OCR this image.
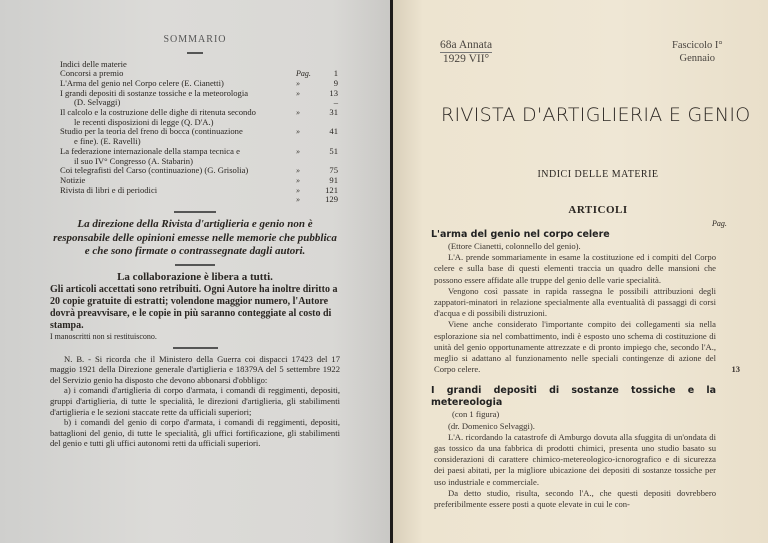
SOMMARIO
Indici delle materie
Concorsi a premio	Pag.	1
L'Arma del genio nel Corpo celere (E. Cianetti)	»	9
I grandi depositi di sostanze tossiche e la meteorologia	»	13
(D. Selvaggi)	–
Il calcolo e la costruzione delle dighe di ritenuta secondo	»	31
le recenti disposizioni di legge (Q. D'A.)
Studio per la teoria del freno di bocca (continuazione	»	41
e fine). (E. Ravelli)
La federazione internazionale della stampa tecnica e	»	51
il suo IV° Congresso (A. Stabarin)
Coi telegrafisti del Carso (continuazione) (G. Grisolia)	»	75
Notizie	»	91
Rivista di libri e di periodici	»	121
»	129
La direzione della Rivista d'artiglieria e genio non è responsabile delle opinioni emesse nelle memorie che pubblica e che sono firmate o contrassegnate dagli autori.
La collaborazione è libera a tutti.
Gli articoli accettati sono retribuiti. Ogni Autore ha inoltre diritto a 20 copie gratuite di estratti; volendone maggior numero, l'Autore dovrà preavvisare, e le copie in più saranno conteggiate al costo di stampa.
I manoscritti non si restituiscono.

N. B. - Si ricorda che il Ministero della Guerra coi dispacci 17423 del 17 maggio 1921 della Direzione generale d'artiglieria e 18379A del 5 settembre 1922 del Servizio genio ha disposto che devono abbonarsi d'obbligo:

a) i comandi d'artiglieria di corpo d'armata, i comandi di reggimenti, depositi, gruppi d'artiglieria, di tutte le specialità, le direzioni d'artiglieria, gli stabilimenti d'artiglieria e le sezioni staccate rette da ufficiali superiori;

b) i comandi del genio di corpo d'armata, i comandi di reggimenti, depositi, battaglioni del genio, di tutte le specialità, gli uffici fortificazione, gli stabilimenti del genio e tutti gli uffici autonomi retti da ufficiali superiori.

68a Annata
1929 VII°
Fascicolo I°
Gennaio
RIVISTA D'ARTIGLIERIA E GENIO
INDICI DELLE MATERIE
ARTICOLI
Pag.
L'arma del genio nel corpo celere
(Ettore Cianetti, colonnello del genio).

L'A. prende sommariamente in esame la costituzione ed i compiti del Corpo celere e sulla base di questi elementi traccia un quadro delle mansioni che possono essere affidate alle truppe del genio delle varie specialità.

Vengono così passate in rapida rassegna le possibili attribuzioni degli zappatori-minatori in relazione specialmente alla eventualità di passaggi di corsi d'acqua e di possibili distruzioni.

Viene anche considerato l'importante compito dei collegamenti sia nella esplorazione sia nel combattimento, indi è esposto uno schema di costituzione di unità del genio opportunamente attrezzate e di pronto impiego che, secondo l'A., meglio si adattano al funzionamento nelle speciali contingenze di azione del Corpo celere.	13
I grandi depositi di sostanze tossiche e la metereologia
(con 1 figura)
(dr. Domenico Selvaggi).

L'A. ricordando la catastrofe di Amburgo dovuta alla sfuggita di un'ondata di gas tossico da una fabbrica di prodotti chimici, presenta uno studio basato su considerazioni di carattere chimico-metereologico-icnorografico e di sicurezza dei paesi abitati, per la migliore ubicazione dei depositi di sostanze tossiche per uso industriale e commerciale.

Da detto studio, risulta, secondo l'A., che questi depositi dovrebbero preferibilmente essere posti a quote elevate in cui le con-
